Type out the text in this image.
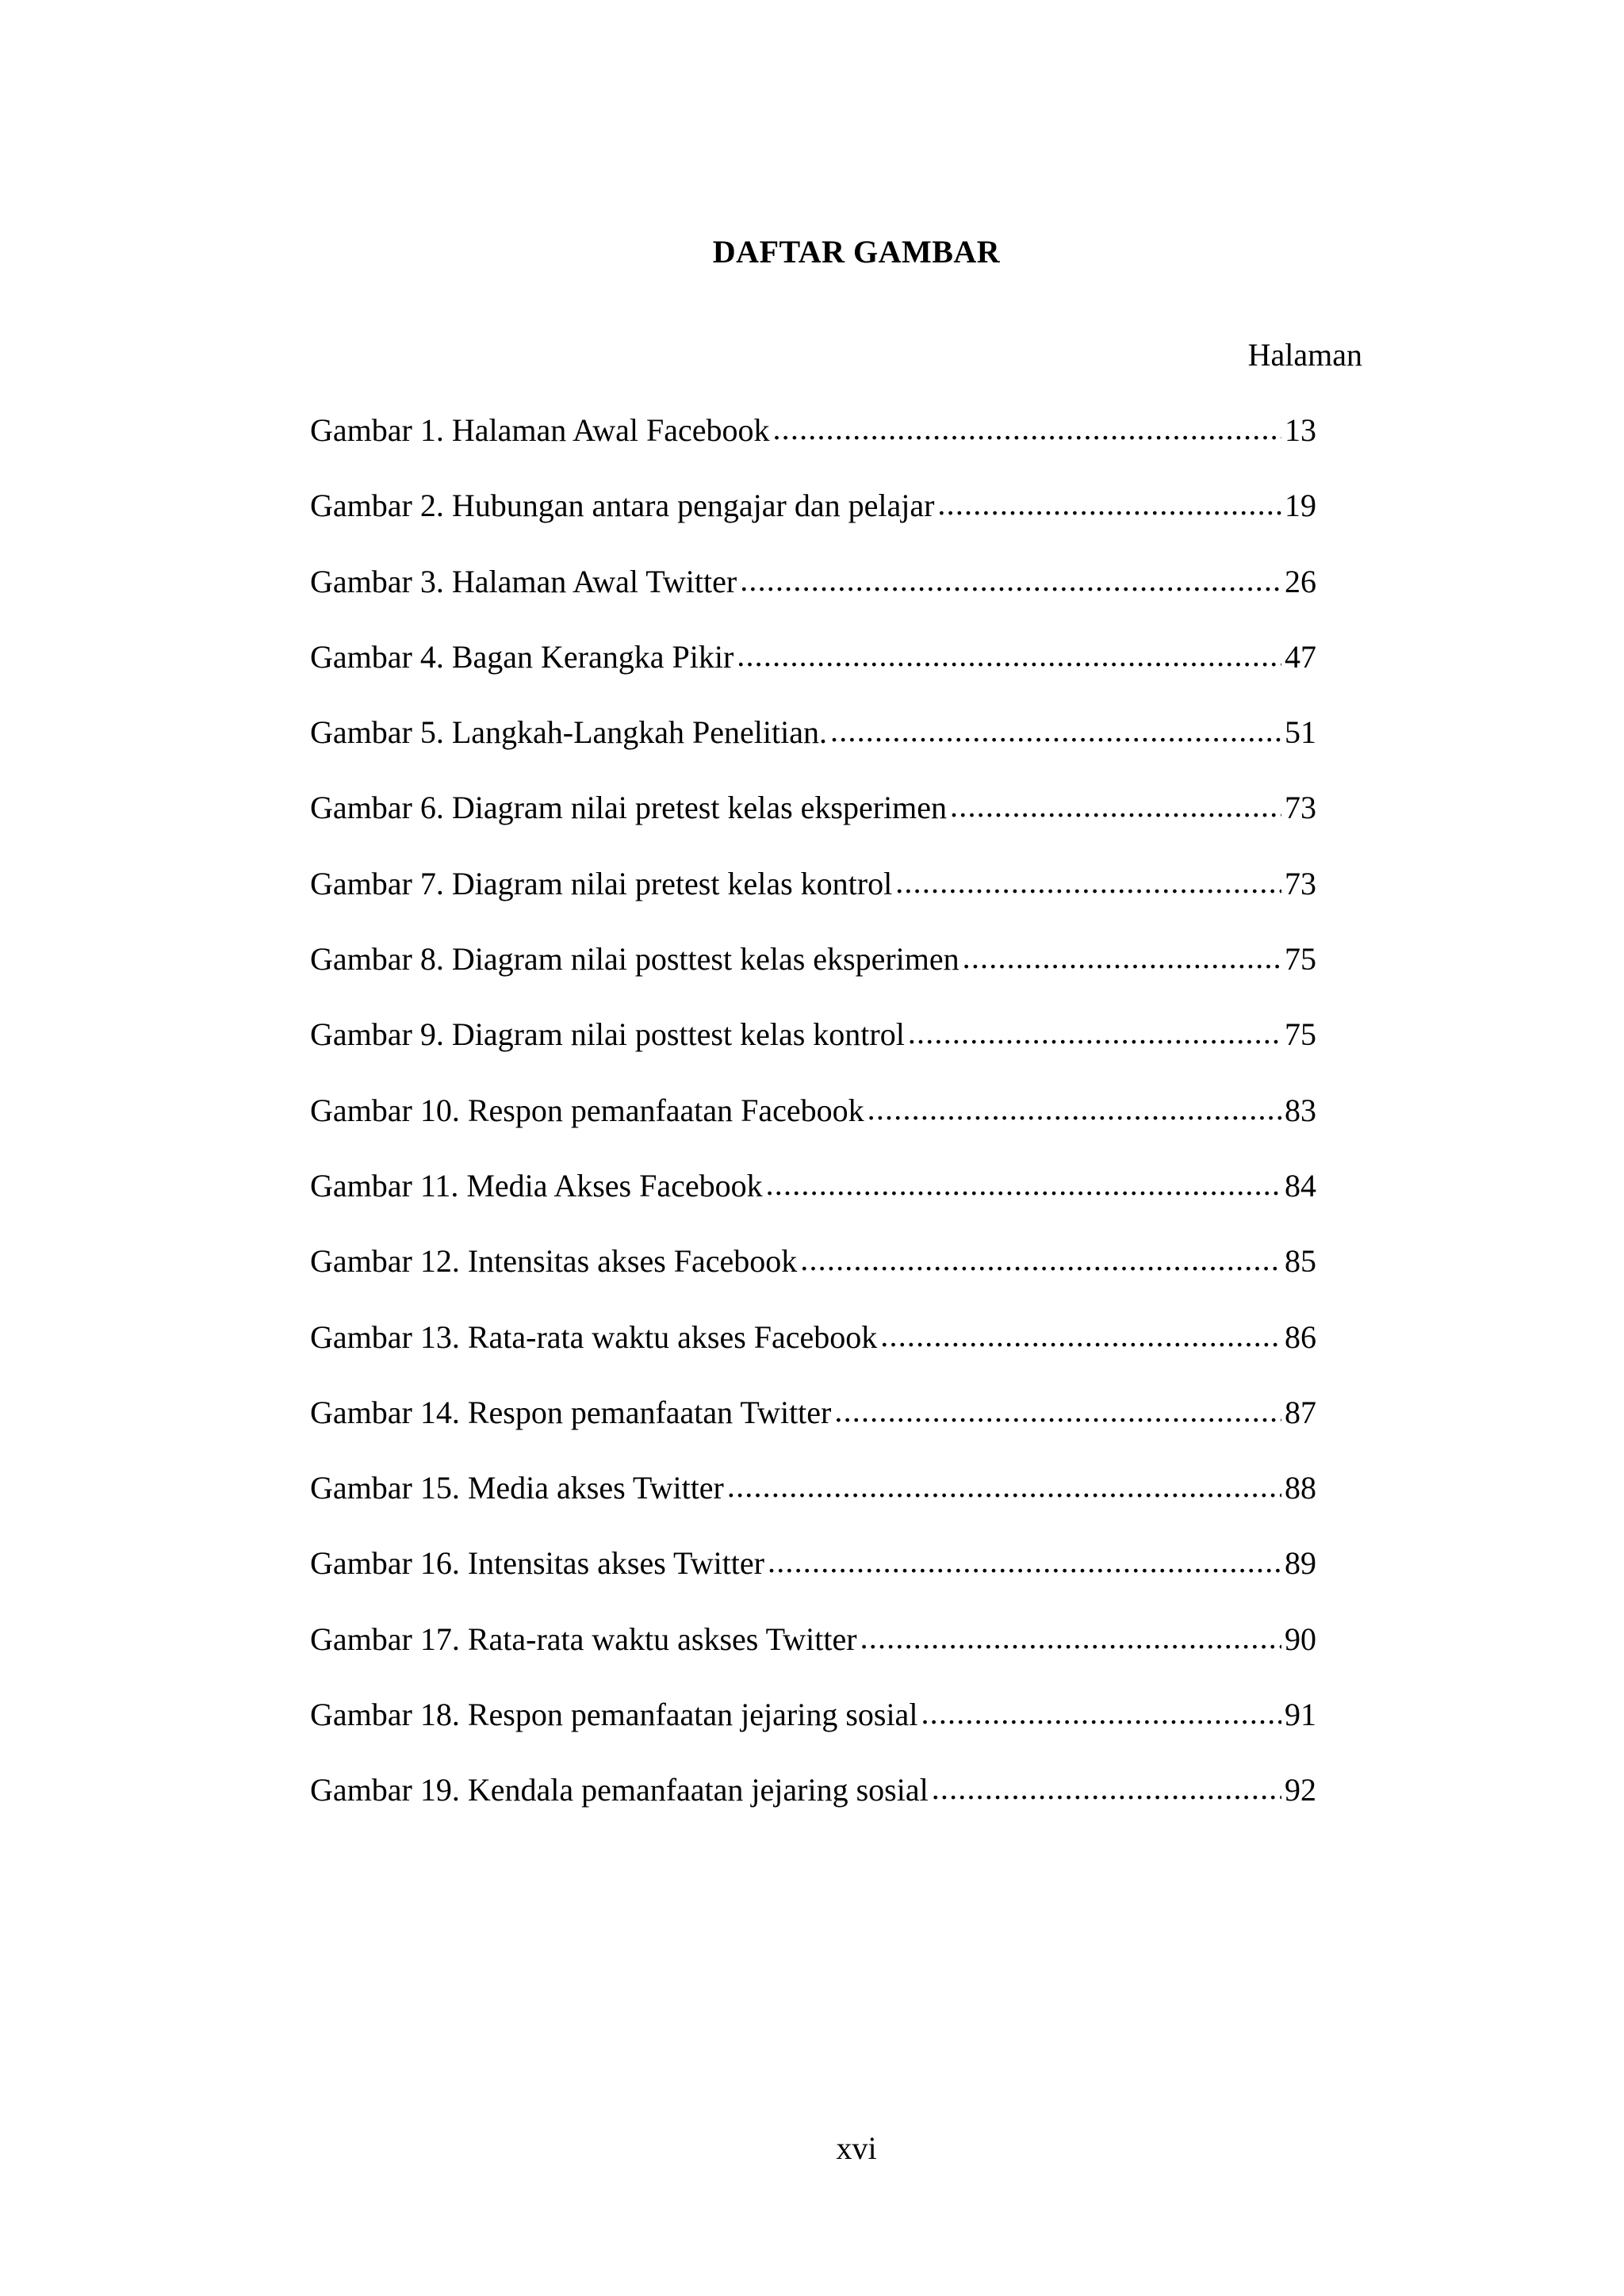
DAFTAR GAMBAR
Halaman
Gambar 1. Halaman Awal Facebook .....	13
Gambar 2. Hubungan antara pengajar dan pelajar .....	19
Gambar 3. Halaman Awal Twitter .....	26
Gambar 4. Bagan Kerangka Pikir .....	47
Gambar 5. Langkah-Langkah Penelitian. .....	51
Gambar 6. Diagram nilai pretest kelas eksperimen .....	73
Gambar 7. Diagram nilai pretest kelas kontrol .....	73
Gambar 8. Diagram nilai posttest kelas eksperimen .....	75
Gambar 9. Diagram nilai posttest kelas kontrol .....	75
Gambar 10. Respon pemanfaatan Facebook .....	83
Gambar 11. Media Akses Facebook .....	84
Gambar 12. Intensitas akses Facebook .....	85
Gambar 13. Rata-rata waktu akses Facebook .....	86
Gambar 14. Respon pemanfaatan Twitter .....	87
Gambar 15. Media akses Twitter .....	88
Gambar 16. Intensitas akses Twitter .....	89
Gambar 17. Rata-rata waktu askses Twitter .....	90
Gambar 18. Respon pemanfaatan jejaring sosial .....	91
Gambar 19. Kendala pemanfaatan jejaring sosial .....	92
xvi
